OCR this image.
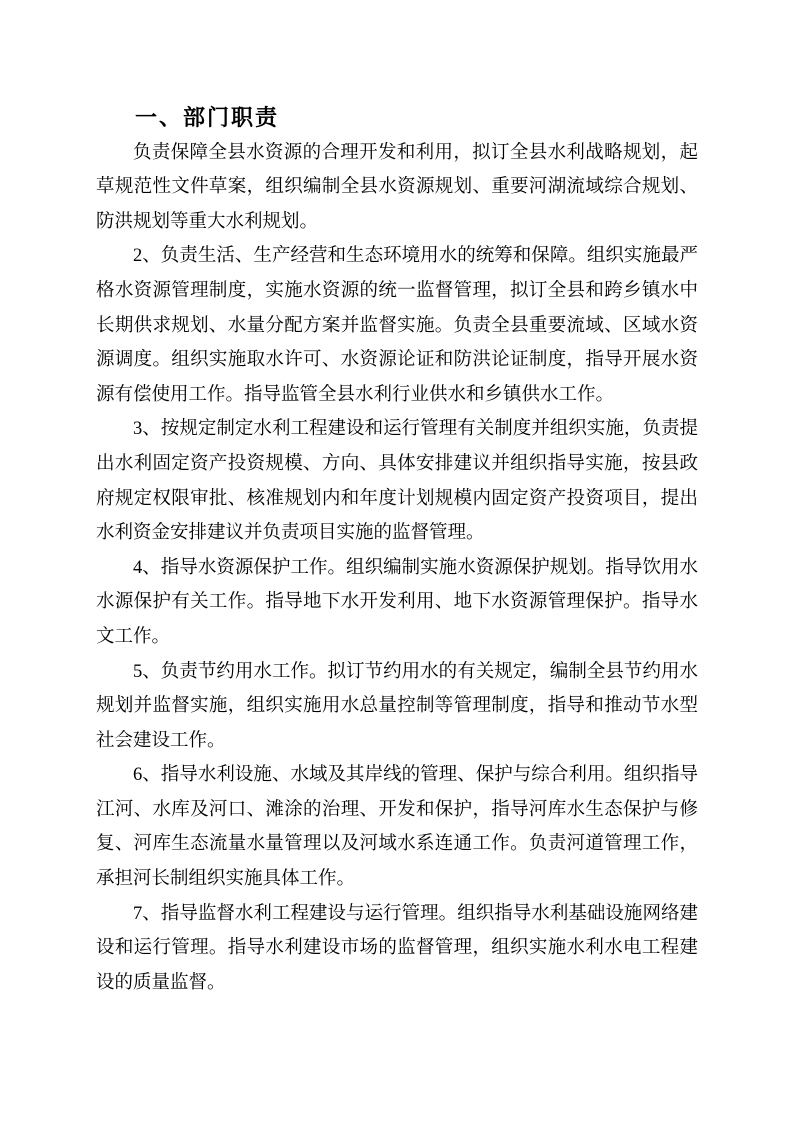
一、部门职责

负责保障全县水资源的合理开发和利用，拟订全县水利战略规划，起草规范性文件草案，组织编制全县水资源规划、重要河湖流域综合规划、防洪规划等重大水利规划。

2、负责生活、生产经营和生态环境用水的统筹和保障。组织实施最严格水资源管理制度，实施水资源的统一监督管理，拟订全县和跨乡镇水中长期供求规划、水量分配方案并监督实施。负责全县重要流域、区域水资源调度。组织实施取水许可、水资源论证和防洪论证制度，指导开展水资源有偿使用工作。指导监管全县水利行业供水和乡镇供水工作。

3、按规定制定水利工程建设和运行管理有关制度并组织实施，负责提出水利固定资产投资规模、方向、具体安排建议并组织指导实施，按县政府规定权限审批、核准规划内和年度计划规模内固定资产投资项目，提出水利资金安排建议并负责项目实施的监督管理。

4、指导水资源保护工作。组织编制实施水资源保护规划。指导饮用水水源保护有关工作。指导地下水开发利用、地下水资源管理保护。指导水文工作。

5、负责节约用水工作。拟订节约用水的有关规定，编制全县节约用水规划并监督实施，组织实施用水总量控制等管理制度，指导和推动节水型社会建设工作。

6、指导水利设施、水域及其岸线的管理、保护与综合利用。组织指导江河、水库及河口、滩涂的治理、开发和保护，指导河库水生态保护与修复、河库生态流量水量管理以及河域水系连通工作。负责河道管理工作，承担河长制组织实施具体工作。

7、指导监督水利工程建设与运行管理。组织指导水利基础设施网络建设和运行管理。指导水利建设市场的监督管理，组织实施水利水电工程建设的质量监督。
